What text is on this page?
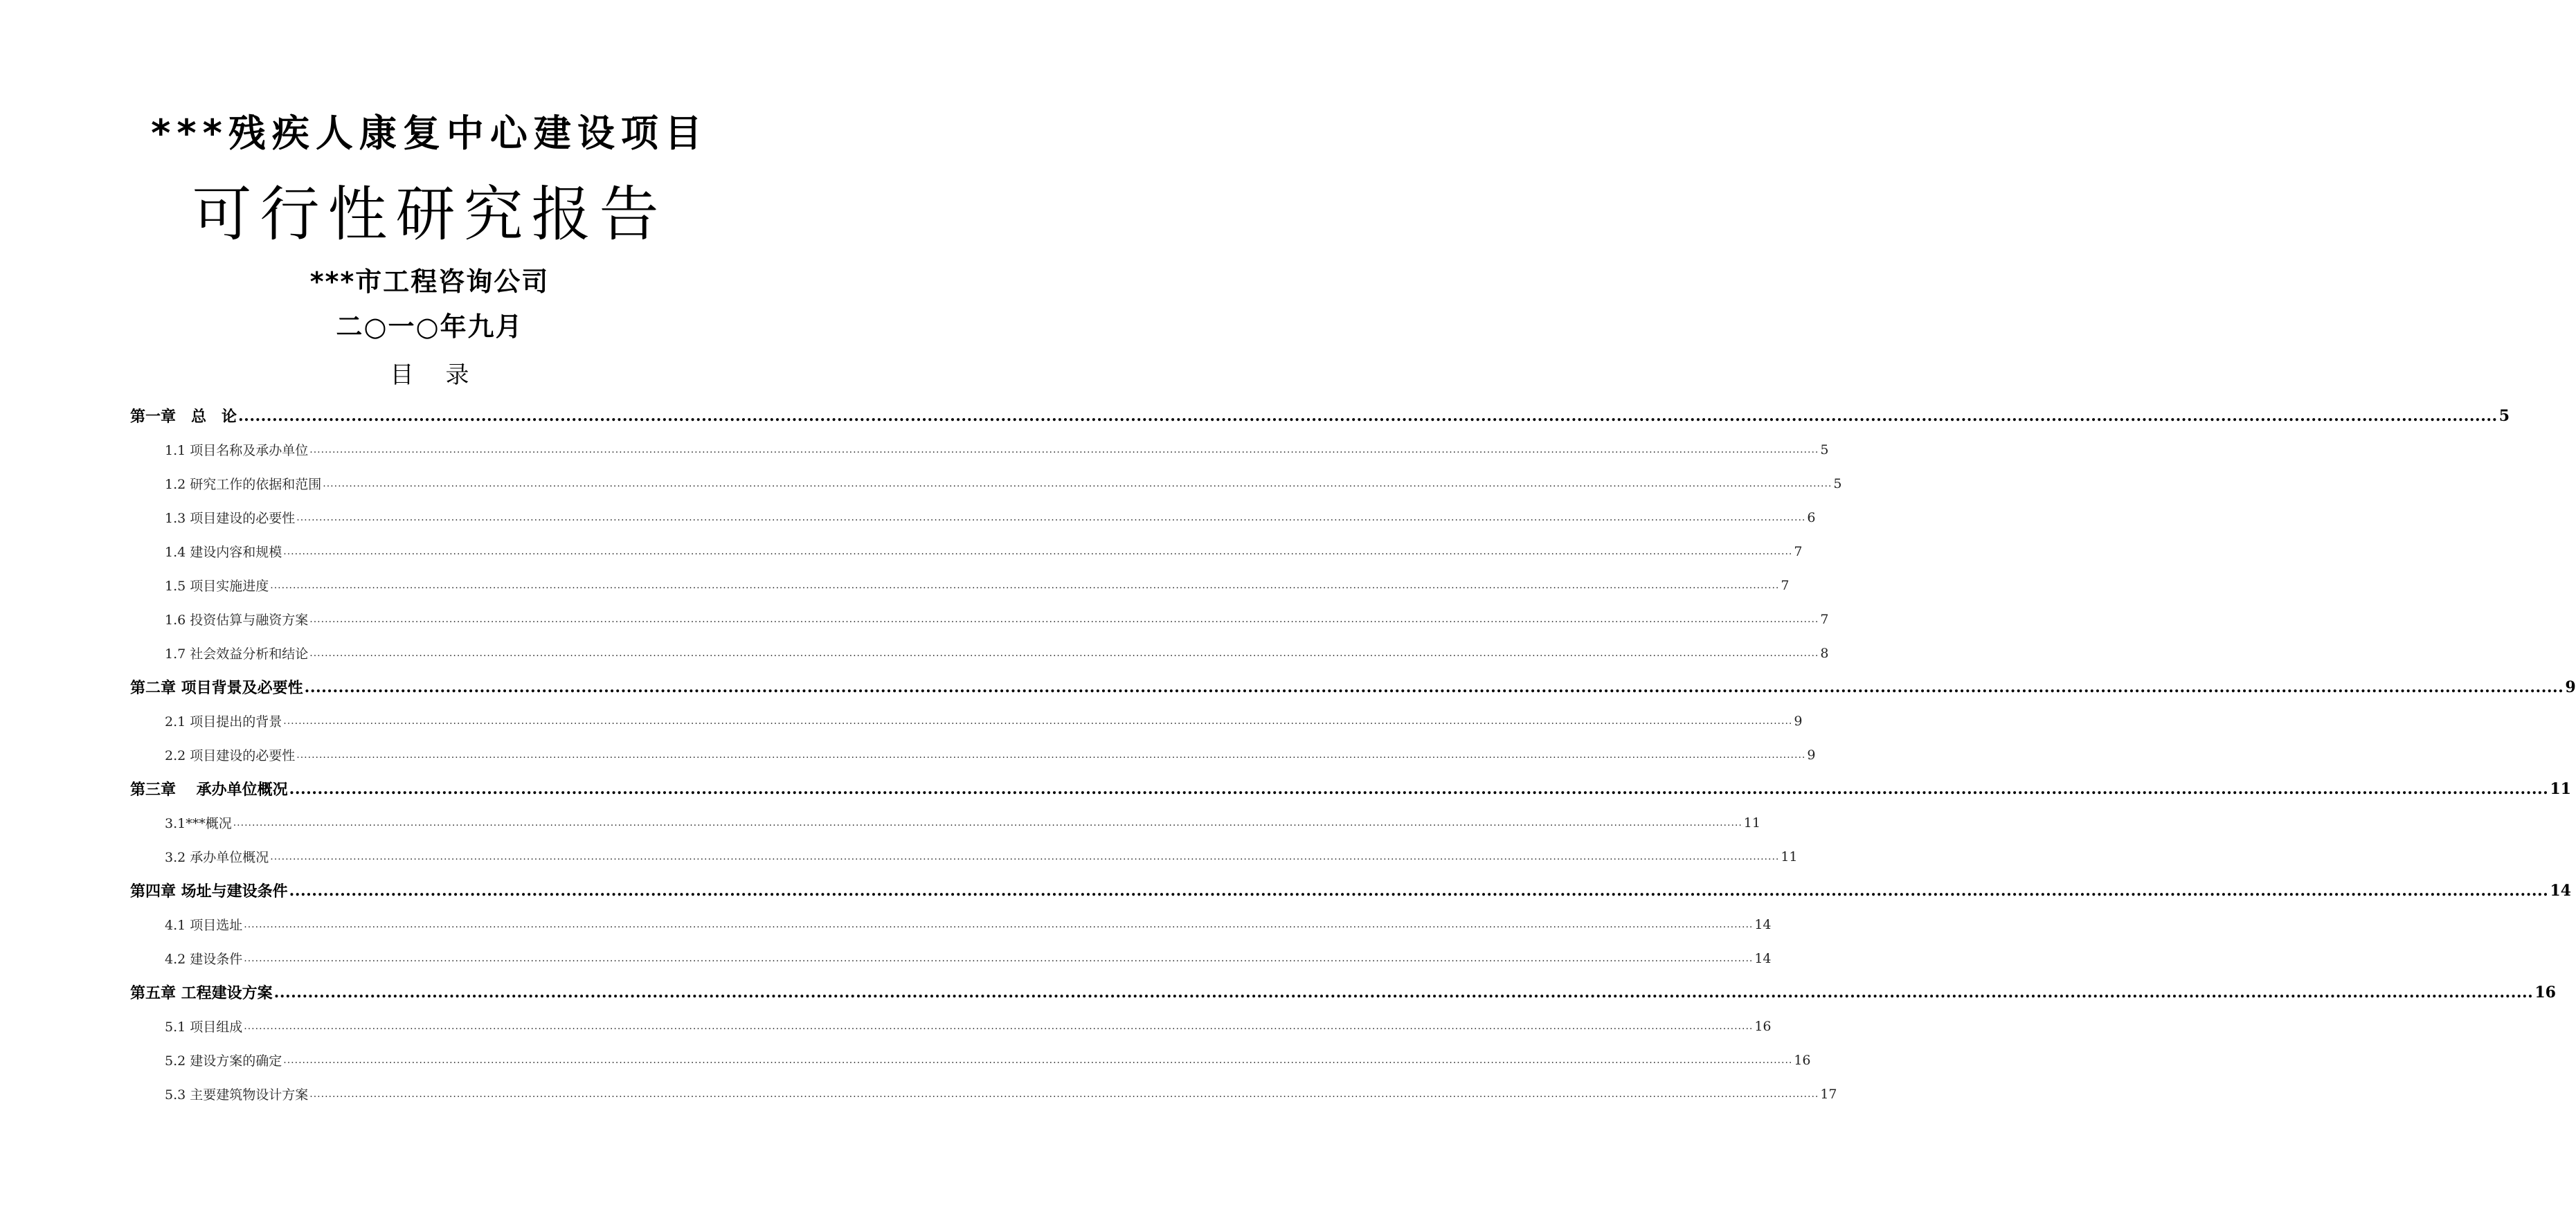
***残疾人康复中心建设项目
可行性研究报告
***市工程咨询公司
二○一○年九月
目录
第一章　总　论 ................................................................................................................................................................................................................................................................................................................................................................................................................ 5
1.1 项目名称及承办单位 ................................................................................................................................................................................................................................................................................................................................................................................................................ 5
1.2 研究工作的依据和范围 ................................................................................................................................................................................................................................................................................................................................................................................................................ 5
1.3 项目建设的必要性 ................................................................................................................................................................................................................................................................................................................................................................................................................ 6
1.4 建设内容和规模 ................................................................................................................................................................................................................................................................................................................................................................................................................ 7
1.5 项目实施进度 ................................................................................................................................................................................................................................................................................................................................................................................................................ 7
1.6 投资估算与融资方案 ................................................................................................................................................................................................................................................................................................................................................................................................................ 7
1.7 社会效益分析和结论 ................................................................................................................................................................................................................................................................................................................................................................................................................ 8
第二章 项目背景及必要性 ................................................................................................................................................................................................................................................................................................................................................................................................................ 9
2.1 项目提出的背景 ................................................................................................................................................................................................................................................................................................................................................................................................................ 9
2.2 项目建设的必要性 ................................................................................................................................................................................................................................................................................................................................................................................................................ 9
第三章　 承办单位概况 ................................................................................................................................................................................................................................................................................................................................................................................................................ 11
3.1***概况 ................................................................................................................................................................................................................................................................................................................................................................................................................ 11
3.2 承办单位概况 ................................................................................................................................................................................................................................................................................................................................................................................................................ 11
第四章 场址与建设条件 ................................................................................................................................................................................................................................................................................................................................................................................................................ 14
4.1 项目选址 ................................................................................................................................................................................................................................................................................................................................................................................................................ 14
4.2 建设条件 ................................................................................................................................................................................................................................................................................................................................................................................................................ 14
第五章 工程建设方案 ................................................................................................................................................................................................................................................................................................................................................................................................................ 16
5.1 项目组成 ................................................................................................................................................................................................................................................................................................................................................................................................................ 16
5.2 建设方案的确定 ................................................................................................................................................................................................................................................................................................................................................................................................................ 16
5.3 主要建筑物设计方案 ................................................................................................................................................................................................................................................................................................................................................................................................................ 17
